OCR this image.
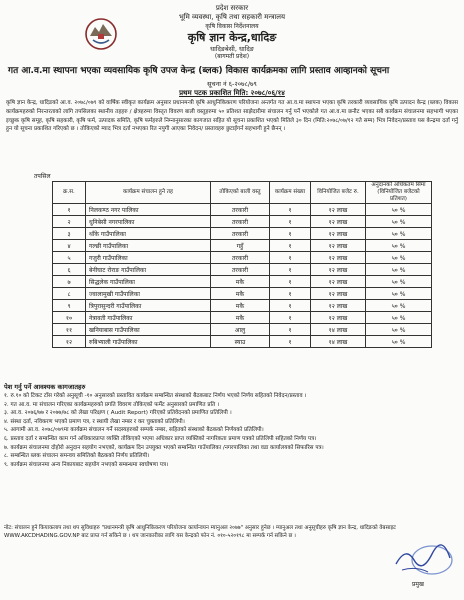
प्रदेश सरकार
भूमि व्यवस्था, कृषि तथा सहकारी मन्त्रालय
कृषि विकास निर्देशनालय
कृषि ज्ञान केन्द्र,धादिङ
धादिङबेसी, धादिङ
(बागमती प्रदेश)
गत आ.व.मा स्थापना भएका व्यवसायिक कृषि उपज केन्द्र (ब्लक) विकास कार्यक्रमका लागि प्रस्ताव आव्हानको सूचना
सूचना नं ६-२०७८/७९
प्रथम पटक प्रकाशित मिति: २०७८/०६/१४
कृषि ज्ञान केन्द्र, धादिङको आ.व. २०७८/०७९ को वार्षिक स्वीकृत कार्यक्रम अनुसार प्रधानमन्त्री कृषि आधुनिकिकरण परियोजना अन्तर्गत गत आ.व.मा स्थापना भएका कृषि तरकारी व्यवसायिक कृषि उत्पादन केन्द्र (ब्लक) विकास कार्यक्रमहरुको निरन्तरताको लागि तपसिलका स्थानीय तहहरु / क्षेत्रहरुमा विस्तृत विवरण बाली वस्तुहरुमा ५० प्रतिशत साझेदारीमा संचालन गर्नु पर्ने भएकोले गत आ.व.मा छनौट भएका सबै कार्यक्रम संचालनमा सहभागी भएका इच्छुक कृषि समूह, कृषि सहकारी, कृषि फर्म, उत्पादक समिति, कृषि फर्महरुले निम्नानुसारका कागजात सहित यो सूचना प्रकाशित भएको मितिले ३० दिन (मिति:२०७८/०७/१२ गते सम्म) भित्र निवेदन/प्रस्ताव यस केन्द्रमा दर्ता गर्नु हुन यो सूचना प्रकाशित गरिएको छ । तोकिएको म्याद भित्र दर्ता नभएका रित नपुगी आएका निवेदन/ प्रस्तावहरु छुटाईगर्न सहभागी हुने छैनन् ।
तपसिल
क्र.स.	कार्यक्रम संचालन हुने तह	तोकिएको बाली वस्तु	कार्यक्रम संख्या	विनियोजित बजेट रु.	अनुदानको अधिकतम सिमा (विनियोजित बजेटको प्रतिशत)
१	निलकण्ठ नगर पालिका	तरकारी	१	१२ लाख	५० %
२	धुनिबेसी नगरपालिका	तरकारी	१	१२ लाख	५० %
३	थाँके गाउँपालिका	तरकारी	१	१२ लाख	५० %
४	गल्छी गाउँपालिका	गहुँ	१	१२ लाख	५० %
५	गजुरी गाउँपालिका	तरकारी	१	१२ लाख	५० %
६	बेनीघाट रोराङ गाउँपालिका	तरकारी	१	१२ लाख	५० %
७	सिद्धलेक गाउँपालिका	मकै	१	१२ लाख	५० %
८	ज्वालामुखी गाउँपालिका	मकै	१	१२ लाख	५० %
९	त्रिपुरासुन्दरी गाउँपालिका	मकै	१	१२ लाख	५० %
१०	नेत्रावती गाउँपालिका	मकै	१	१२ लाख	५० %
११	खनियाबास गाउँपालिका	आलु	१	१४ लाख	५० %
१२	रुबिभ्याली गाउँपालिका	स्याउ	१	१४ लाख	५० %
पेश गर्नु पर्ने आवश्यक कागजातहरु
१. रु.१० को टिकट टाँस गरेको अनुसूची -१० अनुसारको प्रस्तावित कार्यक्रम सम्बन्धित संस्थाको बैठकबाट निर्णय भएको निर्णय सहितको निवेदन/प्रस्ताव ।
२. गत आ.व. मा संचालन गरिएका कार्यक्रमहरुको प्रगति विवरण तोकिएको फर्मेट अनुसारको प्रमाणित प्रति ।
३. आ.व. २०७६/७७ र २०७७/७८ को लेखा परिक्षण ( Audit Report) गरिएको प्रतिवेदनको प्रमाणित प्रतिलिपी ।
४. संस्था दर्ता, नविकरण भएको प्रमाण पत्र, र स्थायी लेखा नम्बर र कर चुक्ताको प्रतिलिपी।
५. आगामी आ.व. २०७८/०७९मा कार्यक्रम संचालन गर्ने सदस्यहरुको सम्पर्क नम्बर, सहितको संस्थाको बैठकको निर्णयको प्रतिलिपी।
६. प्रस्ताव दर्ता र सम्बन्धित काम गर्न अधिकारप्राप्त व्यक्ति तोकिएको भएमा अधिकार प्राप्त व्यक्तिको नागरिकता प्रमाण पत्रको प्रतिलिपी सहितको निर्णय पत्र।
७. कार्यक्रम संचालनमा दोहोरो अनुदान सहयोग नभएको, कार्यक्रम दिन उपयुक्त भएको सम्बन्धित गाउँपालिका /नगरपालिका तथा वडा कार्यालयको सिफारिस पत्र।
८. सम्बन्धित ब्लक संचालन समन्वय समितिको बैठकको निर्णय प्रतिलिपी।
९. कार्यक्रम संचालनमा अन्य निकायबाट सहयोग नभएको सम्बन्धमा स्वघोषणा पत्र।
नोट: संचालन हुने कियाकलाप तथा थप सुविधाहरु "प्रधानमन्त्री कृषि आधुनिकिकरण परियोजना कार्यान्वयन म्यानुअल २०७७" अनुसार हुनेछ । म्यानुअल तथा अनुसूचीहरु कृषि ज्ञान केन्द्र, धादिङको वेबसाइट WWW.AKCDHADING.GOV.NP बाट प्राप्त गर्न सकिने छ । थप जानकारीका लागि यस केन्द्रको फोन नं. ०१०-५२०१९८ मा सम्पर्क गर्न सकिने छ ।
प्रमुख
